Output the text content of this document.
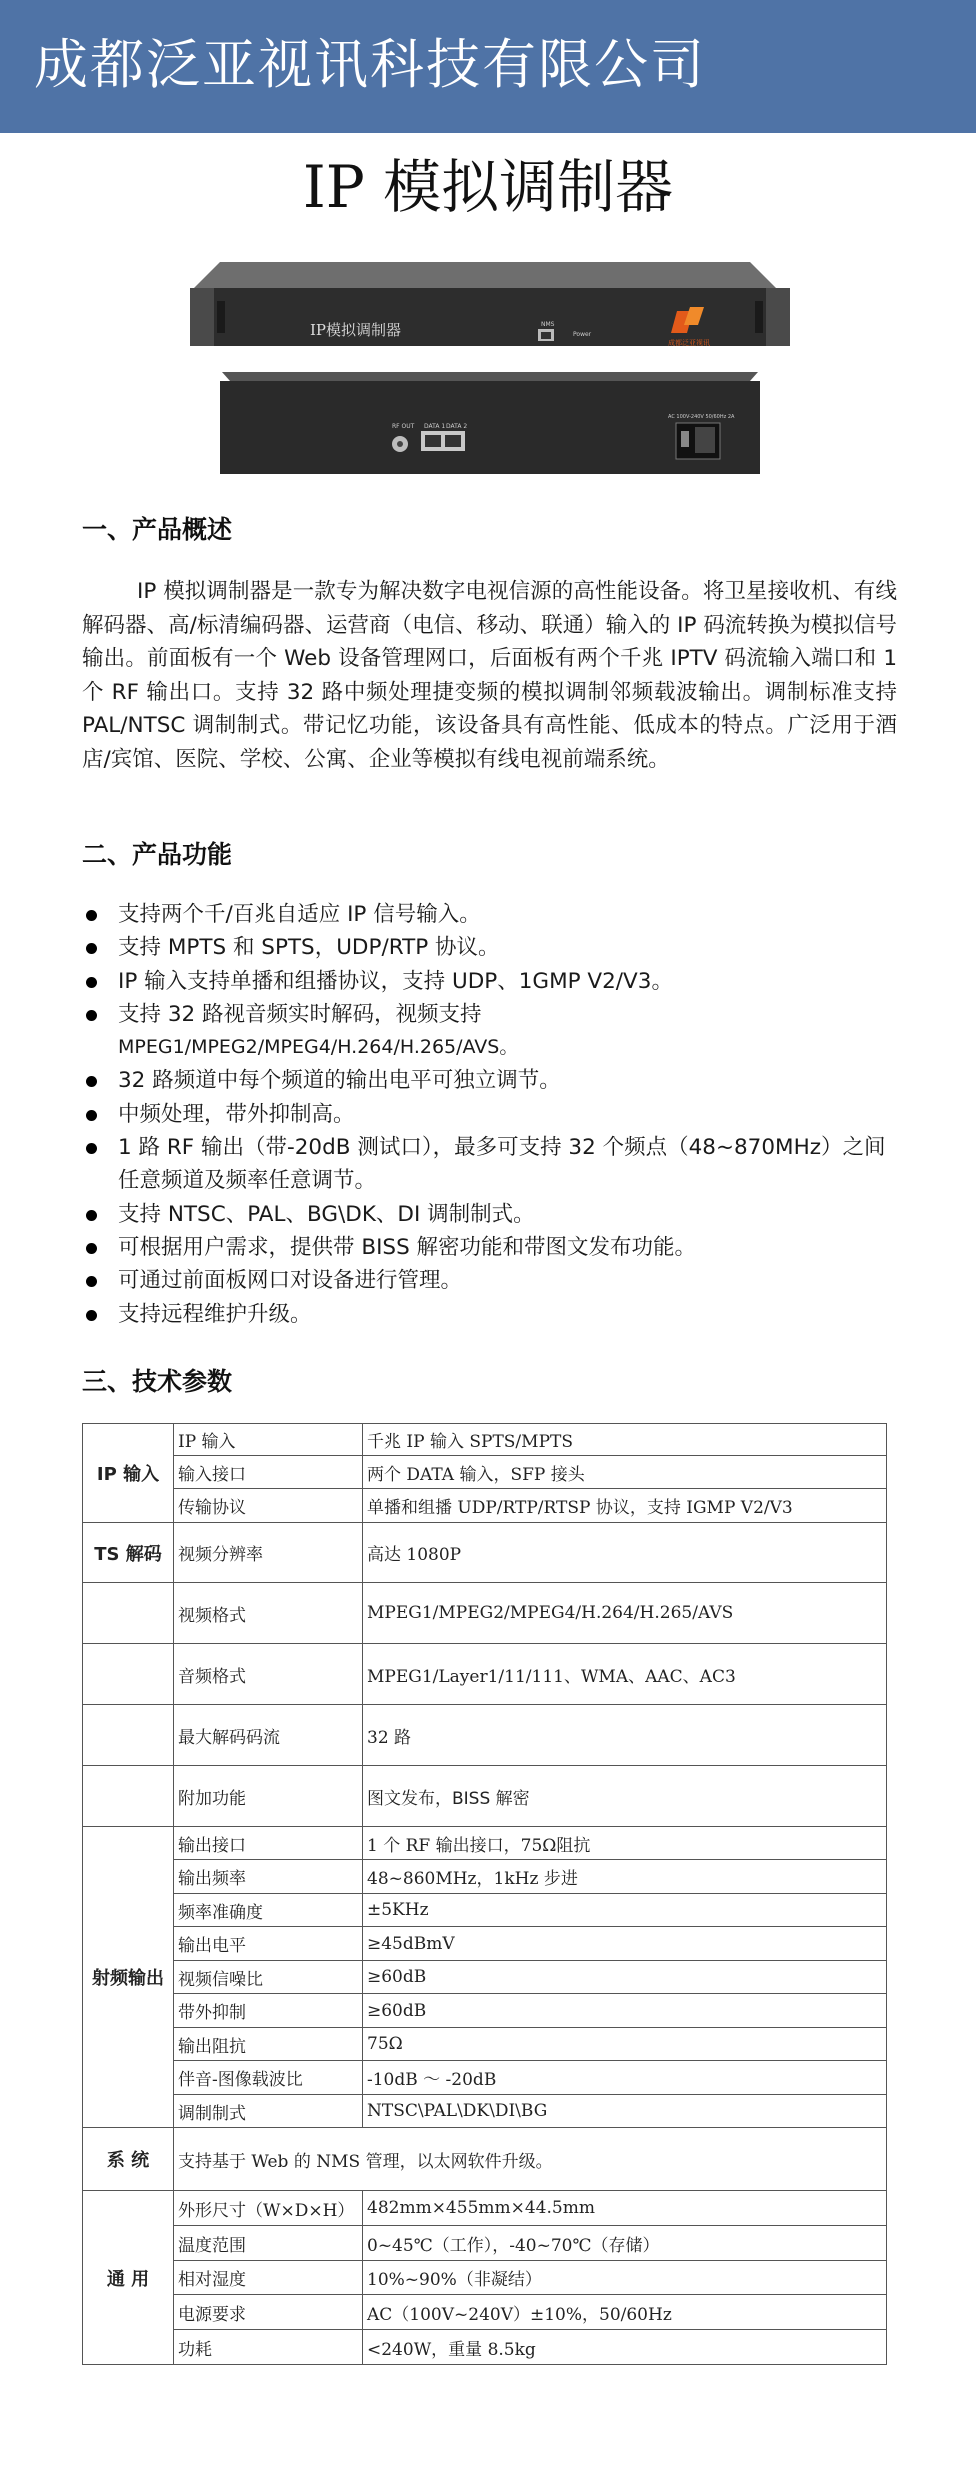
成都泛亚视讯科技有限公司
IP 模拟调制器
IP模拟调制器	NMS
Power
成都泛亚视讯
RF OUT DATA 1 DATA 2
AC 100V-240V 50/60Hz 2A
一、产品概述
IP 模拟调制器是一款专为解决数字电视信源的高性能设备。将卫星接收机、有线解码器、高/标清编码器、运营商（电信、移动、联通）输入的 IP 码流转换为模拟信号输出。前面板有一个 Web 设备管理网口，后面板有两个千兆 IPTV 码流输入端口和 1 个 RF 输出口。支持 32 路中频处理捷变频的模拟调制邻频载波输出。调制标准支持 PAL/NTSC 调制制式。带记忆功能，该设备具有高性能、低成本的特点。广泛用于酒店/宾馆、医院、学校、公寓、企业等模拟有线电视前端系统。
二、产品功能
支持两个千/百兆自适应 IP 信号输入。
支持 MPTS 和 SPTS，UDP/RTP 协议。
IP 输入支持单播和组播协议，支持 UDP、1GMP V2/V3。
支持 32 路视音频实时解码，视频支持
MPEG1/MPEG2/MPEG4/H.264/H.265/AVS。
32 路频道中每个频道的输出电平可独立调节。
中频处理，带外抑制高。
1 路 RF 输出（带-20dB 测试口），最多可支持 32 个频点（48~870MHz）之间任意频道及频率任意调节。
支持 NTSC、PAL、BG\DK、DI 调制制式。
可根据用户需求，提供带 BISS 解密功能和带图文发布功能。
可通过前面板网口对设备进行管理。
支持远程维护升级。
三、技术参数
IP 输入	IP 输入	千兆 IP 输入 SPTS/MPTS
	输入接口	两个 DATA 输入，SFP 接头
	传输协议	单播和组播 UDP/RTP/RTSP 协议，支持 IGMP V2/V3
TS 解码	视频分辨率	高达 1080P
	视频格式	MPEG1/MPEG2/MPEG4/H.264/H.265/AVS
	音频格式	MPEG1/Layer1/11/111、WMA、AAC、AC3
	最大解码码流	32 路
	附加功能	图文发布，BISS 解密
射频输出	输出接口	1 个 RF 输出接口，75Ω阻抗
	输出频率	48~860MHz，1kHz 步进
	频率准确度	±5KHz
	输出电平	≥45dBmV
	视频信噪比	≥60dB
	带外抑制	≥60dB
	输出阻抗	75Ω
	伴音-图像载波比	-10dB ～ -20dB
	调制制式	NTSC\PAL\DK\DI\BG
系 统	支持基于 Web 的 NMS 管理，以太网软件升级。	
通 用	外形尺寸（W×D×H）	482mm×455mm×44.5mm
	温度范围	0~45℃（工作），-40~70℃（存储）
	相对湿度	10%~90%（非凝结）
	电源要求	AC（100V~240V）±10%，50/60Hz
	功耗	<240W，重量 8.5kg
